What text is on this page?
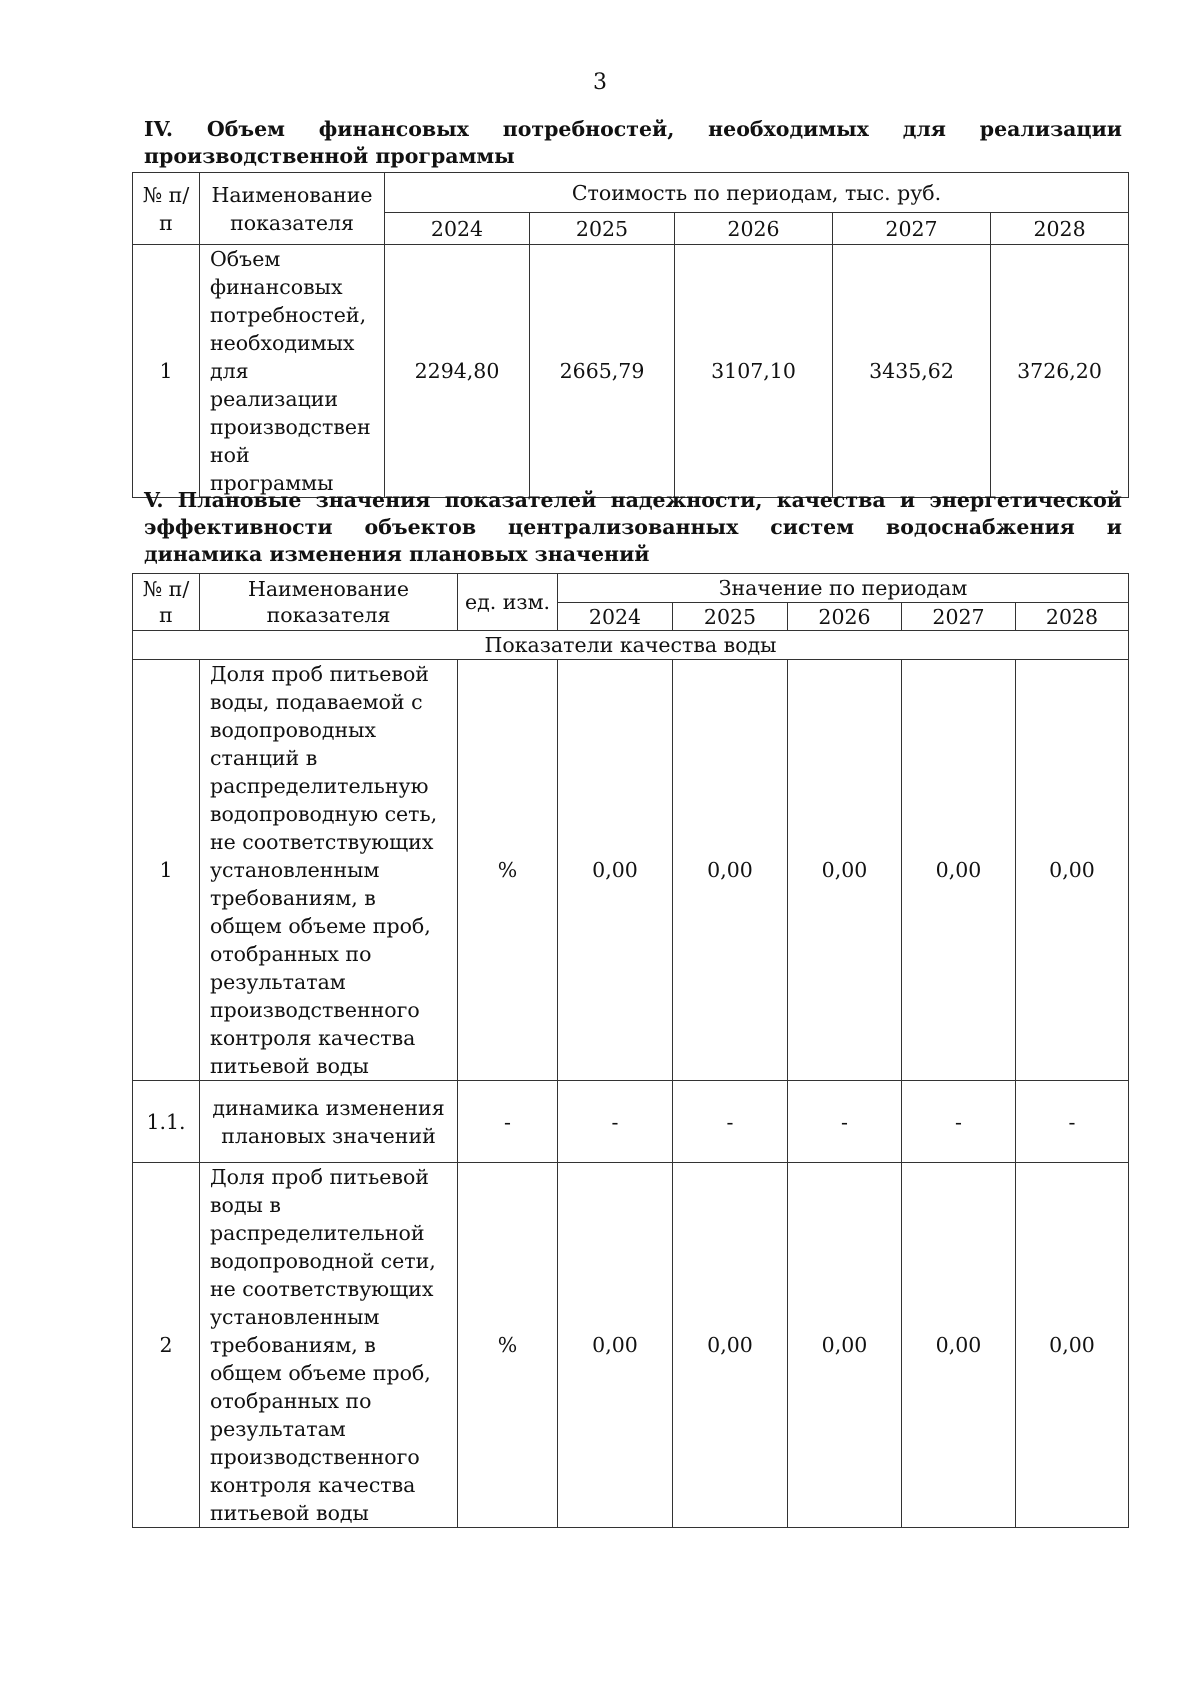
3
IV. Объем финансовых потребностей, необходимых для реализации производственной программы
№ п/п	Наименование показателя	Стоимость по периодам, тыс. руб.				
		2024	2025	2026	2027	2028
1	Объем финансовых потребностей, необходимых для реализации производствен ной программы	2294,80	2665,79	3107,10	3435,62	3726,20
V. Плановые значения показателей надежности, качества и энергетической эффективности объектов централизованных систем водоснабжения и динамика изменения плановых значений
№ п/п	Наименование показателя	ед. изм.	Значение по периодам				
			2024	2025	2026	2027	2028
Показатели качества воды							
1	Доля проб питьевой воды, подаваемой с водопроводных станций в распределительную водопроводную сеть, не соответствующих установленным требованиям, в общем объеме проб, отобранных по результатам производственного контроля качества питьевой воды	%	0,00	0,00	0,00	0,00	0,00
1.1.	динамика изменения плановых значений	-	-	-	-	-	-
2	Доля проб питьевой воды в распределительной водопроводной сети, не соответствующих установленным требованиям, в общем объеме проб, отобранных по результатам производственного контроля качества питьевой воды	%	0,00	0,00	0,00	0,00	0,00
